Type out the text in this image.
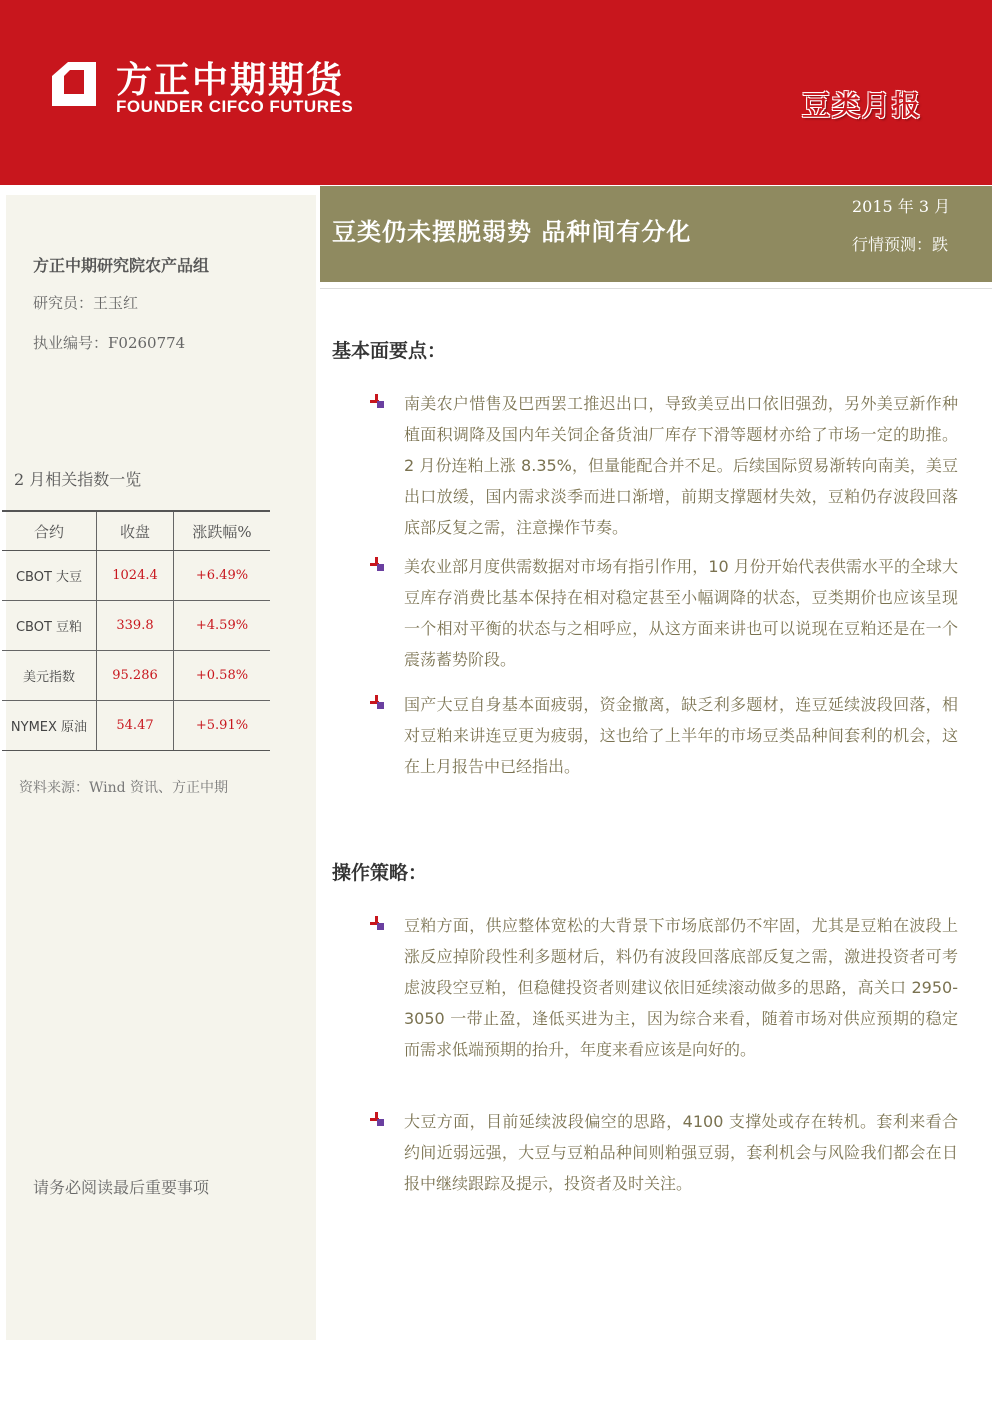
方正中期期货
FOUNDER CIFCO FUTURES	豆类月报
方正中期研究院农产品组
研究员：王玉红
执业编号：F0260774
2 月相关指数一览
合约	收盘	涨跌幅%
CBOT 大豆	1024.4	+6.49%
CBOT 豆粕	339.8	+4.59%
美元指数	95.286	+0.58%
NYMEX 原油	54.47	+5.91%
资料来源：Wind 资讯、方正中期
请务必阅读最后重要事项
豆类仍未摆脱弱势 品种间有分化
2015 年 3 月
行情预测：跌
基本面要点：
南美农户惜售及巴西罢工推迟出口，导致美豆出口依旧强劲，另外美豆新作种植面积调降及国内年关饲企备货油厂库存下滑等题材亦给了市场一定的助推。2 月份连粕上涨 8.35%，但量能配合并不足。后续国际贸易渐转向南美，美豆出口放缓，国内需求淡季而进口渐增，前期支撑题材失效，豆粕仍存波段回落底部反复之需，注意操作节奏。
美农业部月度供需数据对市场有指引作用，10 月份开始代表供需水平的全球大豆库存消费比基本保持在相对稳定甚至小幅调降的状态，豆类期价也应该呈现一个相对平衡的状态与之相呼应，从这方面来讲也可以说现在豆粕还是在一个震荡蓄势阶段。
国产大豆自身基本面疲弱，资金撤离，缺乏利多题材，连豆延续波段回落，相对豆粕来讲连豆更为疲弱，这也给了上半年的市场豆类品种间套利的机会，这在上月报告中已经指出。
操作策略：
豆粕方面，供应整体宽松的大背景下市场底部仍不牢固，尤其是豆粕在波段上涨反应掉阶段性利多题材后，料仍有波段回落底部反复之需，激进投资者可考虑波段空豆粕，但稳健投资者则建议依旧延续滚动做多的思路，高关口 2950-3050 一带止盈，逢低买进为主，因为综合来看，随着市场对供应预期的稳定而需求低端预期的抬升，年度来看应该是向好的。
大豆方面，目前延续波段偏空的思路，4100 支撑处或存在转机。套利来看合约间近弱远强，大豆与豆粕品种间则粕强豆弱，套利机会与风险我们都会在日报中继续跟踪及提示，投资者及时关注。
